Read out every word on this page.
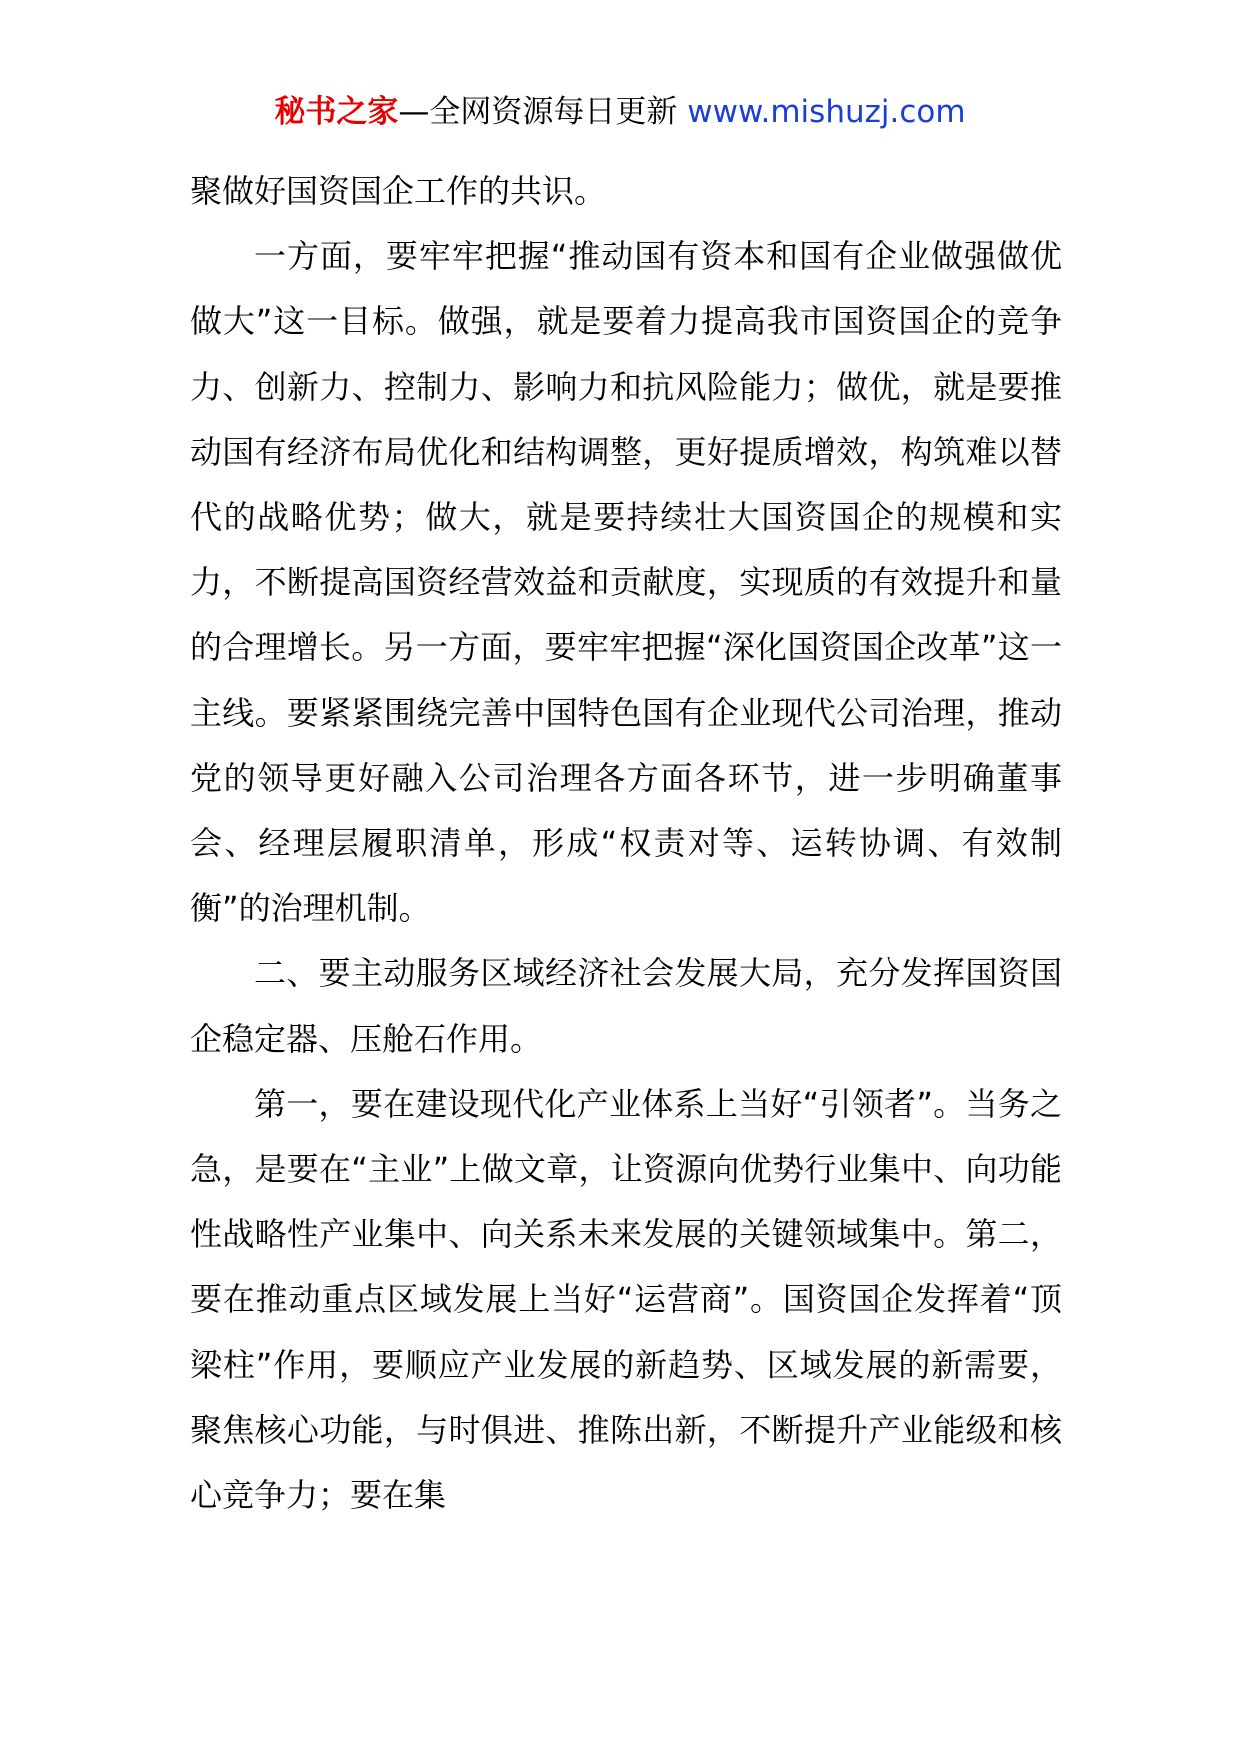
秘书之家—全网资源每日更新 www.mishuzj.com

聚做好国资国企工作的共识。

一方面，要牢牢把握“推动国有资本和国有企业做强做优做大”这一目标。做强，就是要着力提高我市国资国企的竞争力、创新力、控制力、影响力和抗风险能力；做优，就是要推动国有经济布局优化和结构调整，更好提质增效，构筑难以替代的战略优势；做大，就是要持续壮大国资国企的规模和实力，不断提高国资经营效益和贡献度，实现质的有效提升和量的合理增长。另一方面，要牢牢把握“深化国资国企改革”这一主线。要紧紧围绕完善中国特色国有企业现代公司治理，推动党的领导更好融入公司治理各方面各环节，进一步明确董事会、经理层履职清单，形成“权责对等、运转协调、有效制衡”的治理机制。

二、要主动服务区域经济社会发展大局，充分发挥国资国企稳定器、压舱石作用。

第一，要在建设现代化产业体系上当好“引领者”。当务之急，是要在“主业”上做文章，让资源向优势行业集中、向功能性战略性产业集中、向关系未来发展的关键领域集中。第二，要在推动重点区域发展上当好“运营商”。国资国企发挥着“顶梁柱”作用，要顺应产业发展的新趋势、区域发展的新需要，聚焦核心功能，与时俱进、推陈出新，不断提升产业能级和核心竞争力；要在集
